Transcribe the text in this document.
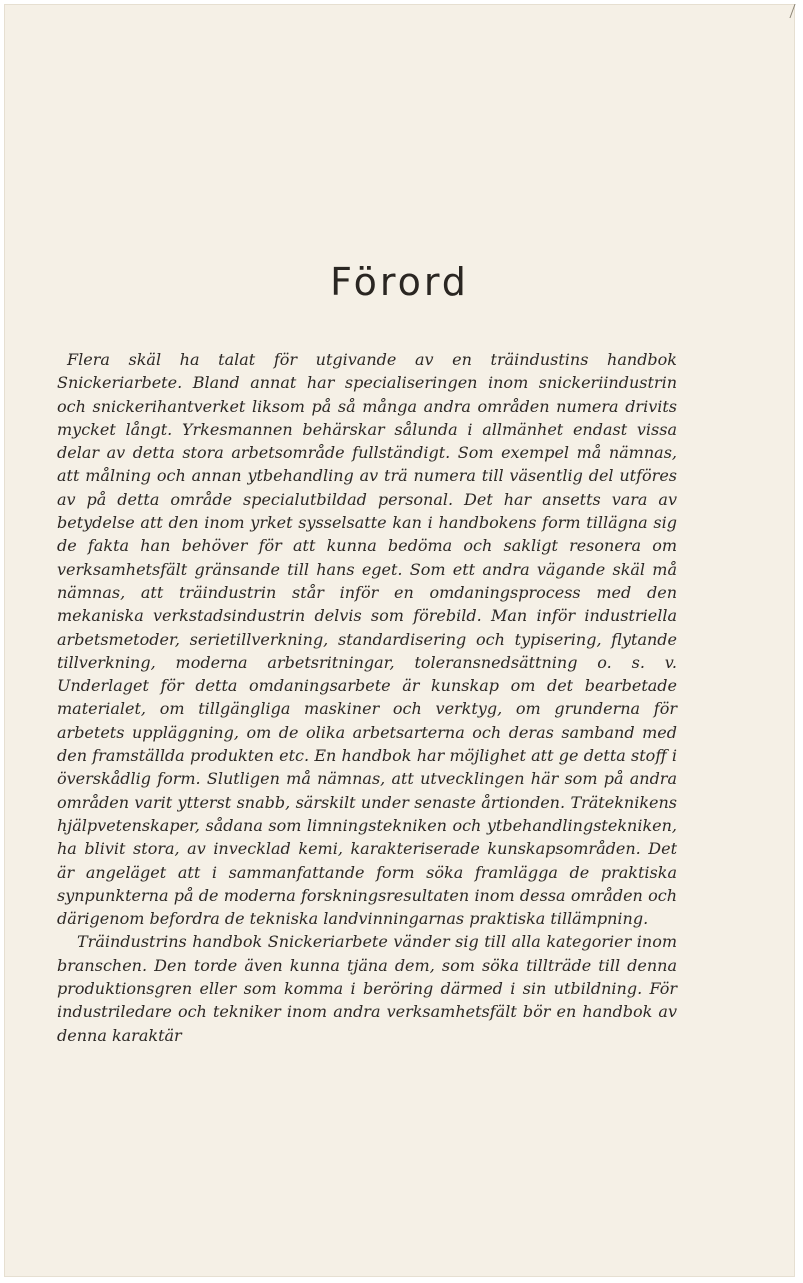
Förord

Flera skäl ha talat för utgivande av en träindustins handbok Snickeriarbete. Bland annat har specialiseringen inom snickeriindustrin och snickerihantverket liksom på så många andra områden numera drivits mycket långt. Yrkesmannen behärskar sålunda i allmänhet endast vissa delar av detta stora arbetsområde fullständigt. Som exempel må nämnas, att målning och annan ytbehandling av trä numera till väsentlig del utföres av på detta område specialutbildad personal. Det har ansetts vara av betydelse att den inom yrket sysselsatte kan i handbokens form tillägna sig de fakta han behöver för att kunna bedöma och sakligt resonera om verksamhetsfält gränsande till hans eget. Som ett andra vägande skäl må nämnas, att träindustrin står inför en omdaningsprocess med den mekaniska verkstadsindustrin delvis som förebild. Man inför industriella arbetsmetoder, serietillverkning, standardisering och typisering, flytande tillverkning, moderna arbetsritningar, toleransnedsättning o. s. v. Underlaget för detta omdaningsarbete är kunskap om det bearbetade materialet, om tillgängliga maskiner och verktyg, om grunderna för arbetets uppläggning, om de olika arbetsarterna och deras samband med den framställda produkten etc. En handbok har möjlighet att ge detta stoff i överskådlig form. Slutligen må nämnas, att utvecklingen här som på andra områden varit ytterst snabb, särskilt under senaste årtionden. Träteknikens hjälpvetenskaper, sådana som limningstekniken och ytbehandlingstekniken, ha blivit stora, av invecklad kemi, karakteriserade kunskapsområden. Det är angeläget att i sammanfattande form söka framlägga de praktiska synpunkterna på de moderna forskningsresultaten inom dessa områden och därigenom befordra de tekniska landvinningarnas praktiska tillämpning.

Träindustrins handbok Snickeriarbete vänder sig till alla kategorier inom branschen. Den torde även kunna tjäna dem, som söka tillträde till denna produktionsgren eller som komma i beröring därmed i sin utbildning. För industriledare och tekniker inom andra verksamhetsfält bör en handbok av denna karaktär
